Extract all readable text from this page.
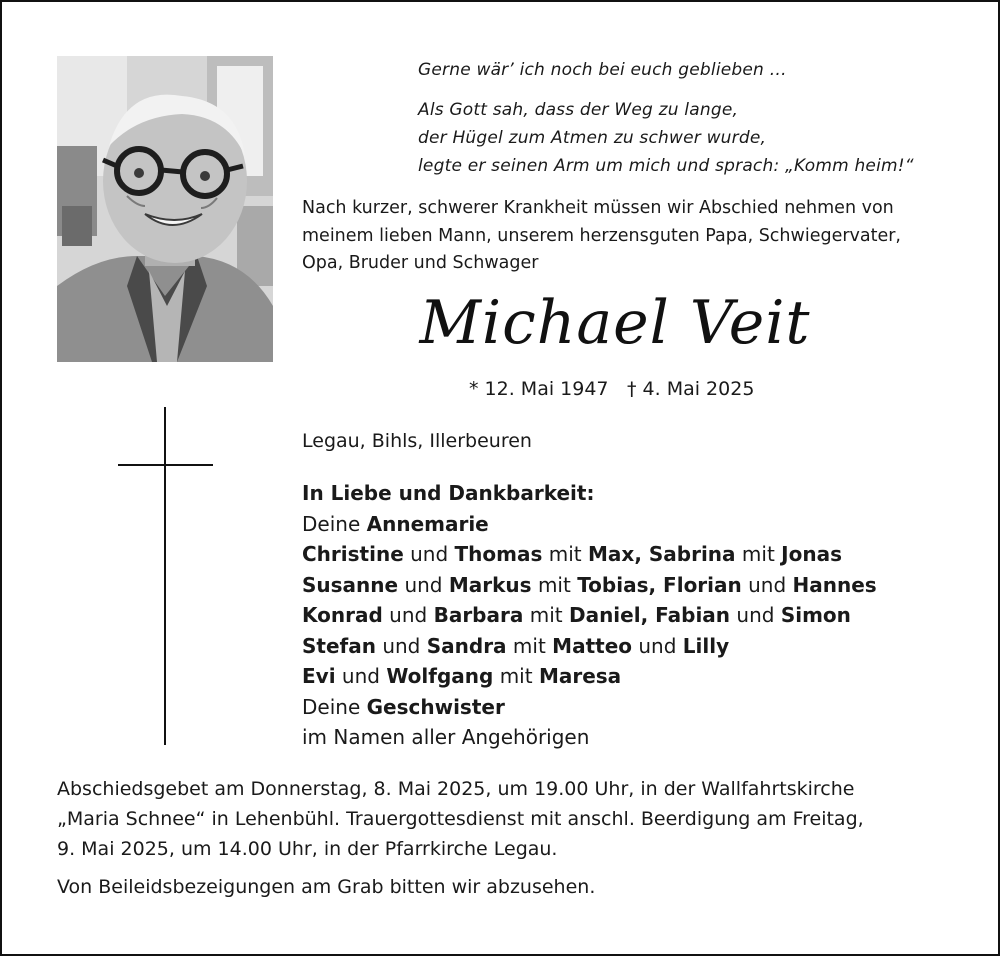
Gerne wär’ ich noch bei euch geblieben …
Als Gott sah, dass der Weg zu lange,
der Hügel zum Atmen zu schwer wurde,
legte er seinen Arm um mich und sprach: „Komm heim!“
Nach kurzer, schwerer Krankheit müssen wir Abschied nehmen von
meinem lieben Mann, unserem herzensguten Papa, Schwiegervater,
Opa, Bruder und Schwager
Michael Veit
* 12. Mai 1947 † 4. Mai 2025
Legau, Bihls, Illerbeuren
In Liebe und Dankbarkeit:
Deine Annemarie
Christine und Thomas mit Max, Sabrina mit Jonas
Susanne und Markus mit Tobias, Florian und Hannes
Konrad und Barbara mit Daniel, Fabian und Simon
Stefan und Sandra mit Matteo und Lilly
Evi und Wolfgang mit Maresa
Deine Geschwister
im Namen aller Angehörigen
Abschiedsgebet am Donnerstag, 8. Mai 2025, um 19.00 Uhr, in der Wallfahrtskirche
„Maria Schnee“ in Lehenbühl. Trauergottesdienst mit anschl. Beerdigung am Freitag,
9. Mai 2025, um 14.00 Uhr, in der Pfarrkirche Legau.
Von Beileidsbezeigungen am Grab bitten wir abzusehen.
